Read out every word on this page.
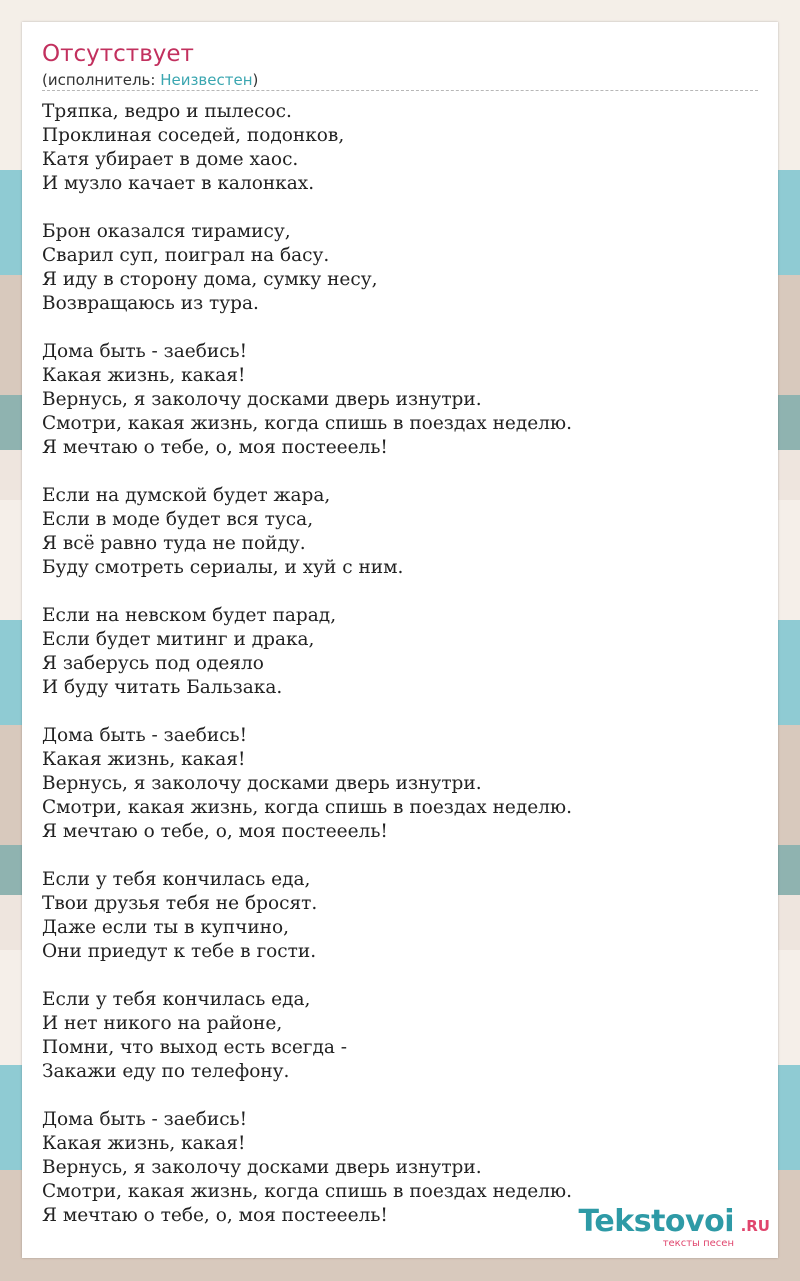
Отсутствует
(исполнитель: Неизвестен)
Тряпка, ведро и пылесос.
Проклиная соседей, подонков,
Катя убирает в доме хаос.
И музло качает в калонках.
Брон оказался тирамису,
Сварил суп, поиграл на басу.
Я иду в сторону дома, сумку несу,
Возвращаюсь из тура.
Дома быть - заебись!
Какая жизнь, какая!
Вернусь, я заколочу досками дверь изнутри.
Смотри, какая жизнь, когда спишь в поездах неделю.
Я мечтаю о тебе, о, моя постееель!
Если на думской будет жара,
Если в моде будет вся туса,
Я всё равно туда не пойду.
Буду смотреть сериалы, и хуй с ним.
Если на невском будет парад,
Если будет митинг и драка,
Я заберусь под одеяло
И буду читать Бальзака.
Дома быть - заебись!
Какая жизнь, какая!
Вернусь, я заколочу досками дверь изнутри.
Смотри, какая жизнь, когда спишь в поездах неделю.
Я мечтаю о тебе, о, моя постееель!
Если у тебя кончилась еда,
Твои друзья тебя не бросят.
Даже если ты в купчино,
Они приедут к тебе в гости.
Если у тебя кончилась еда,
И нет никого на районе,
Помни, что выход есть всегда -
Закажи еду по телефону.
Дома быть - заебись!
Какая жизнь, какая!
Вернусь, я заколочу досками дверь изнутри.
Смотри, какая жизнь, когда спишь в поездах неделю.
Я мечтаю о тебе, о, моя постееель!	Tekstovoi .RU
тексты песен
